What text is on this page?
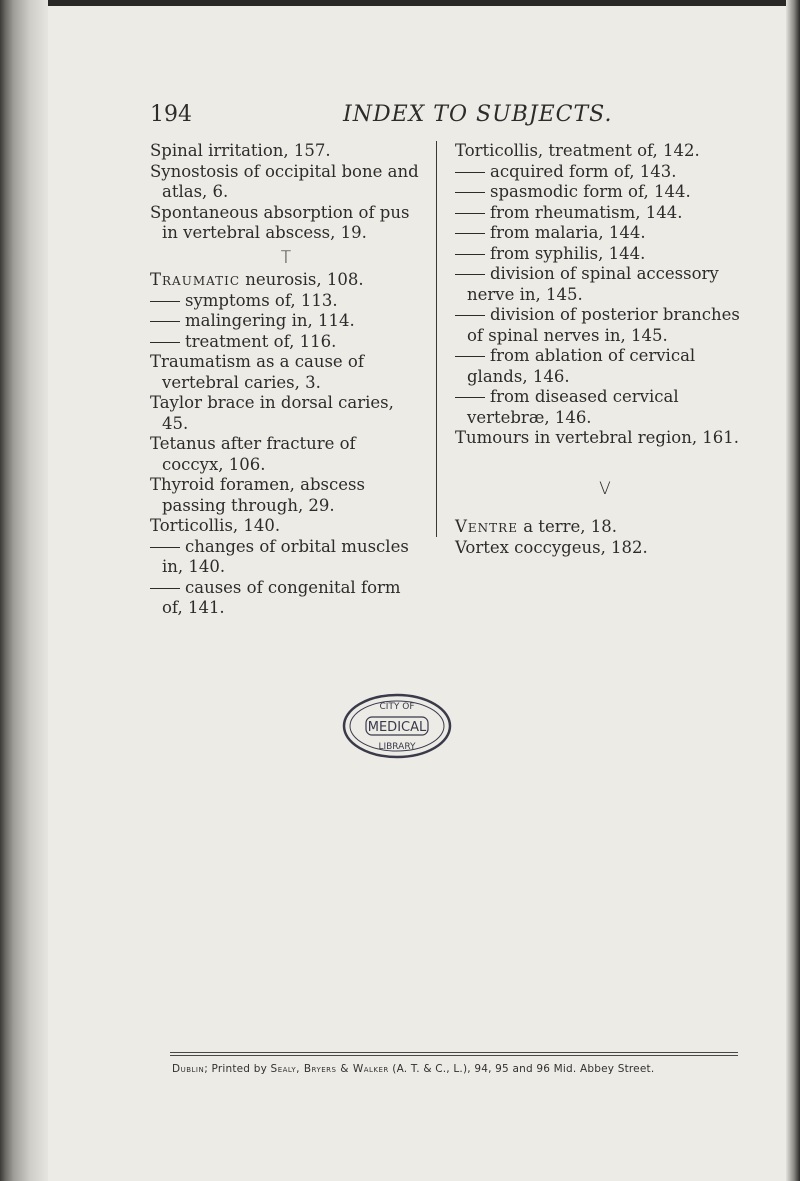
194	INDEX TO SUBJECTS.

Spinal irritation, 157.

Synostosis of occipital bone and atlas, 6.

Spontaneous absorption of pus in vertebral abscess, 19.

T

Traumatic neurosis, 108.

symptoms of, 113.

malingering in, 114.

treatment of, 116.

Traumatism as a cause of vertebral caries, 3.

Taylor brace in dorsal caries, 45.

Tetanus after fracture of coccyx, 106.

Thyroid foramen, abscess passing through, 29.

Torticollis, 140.

changes of orbital muscles in, 140.

causes of congenital form of, 141.

Torticollis, treatment of, 142.

acquired form of, 143.

spasmodic form of, 144.

from rheumatism, 144.

from malaria, 144.

from syphilis, 144.

division of spinal accessory nerve in, 145.

division of posterior branches of spinal nerves in, 145.

from ablation of cervical glands, 146.

from diseased cervical vertebræ, 146.

Tumours in vertebral region, 161.

V

Ventre a terre, 18.

Vortex coccygeus, 182.

CITY OF
MEDICAL
LIBRARY
Dublin; Printed by Sealy, Bryers & Walker (A. T. & C., L.), 94, 95 and 96 Mid. Abbey Street.
